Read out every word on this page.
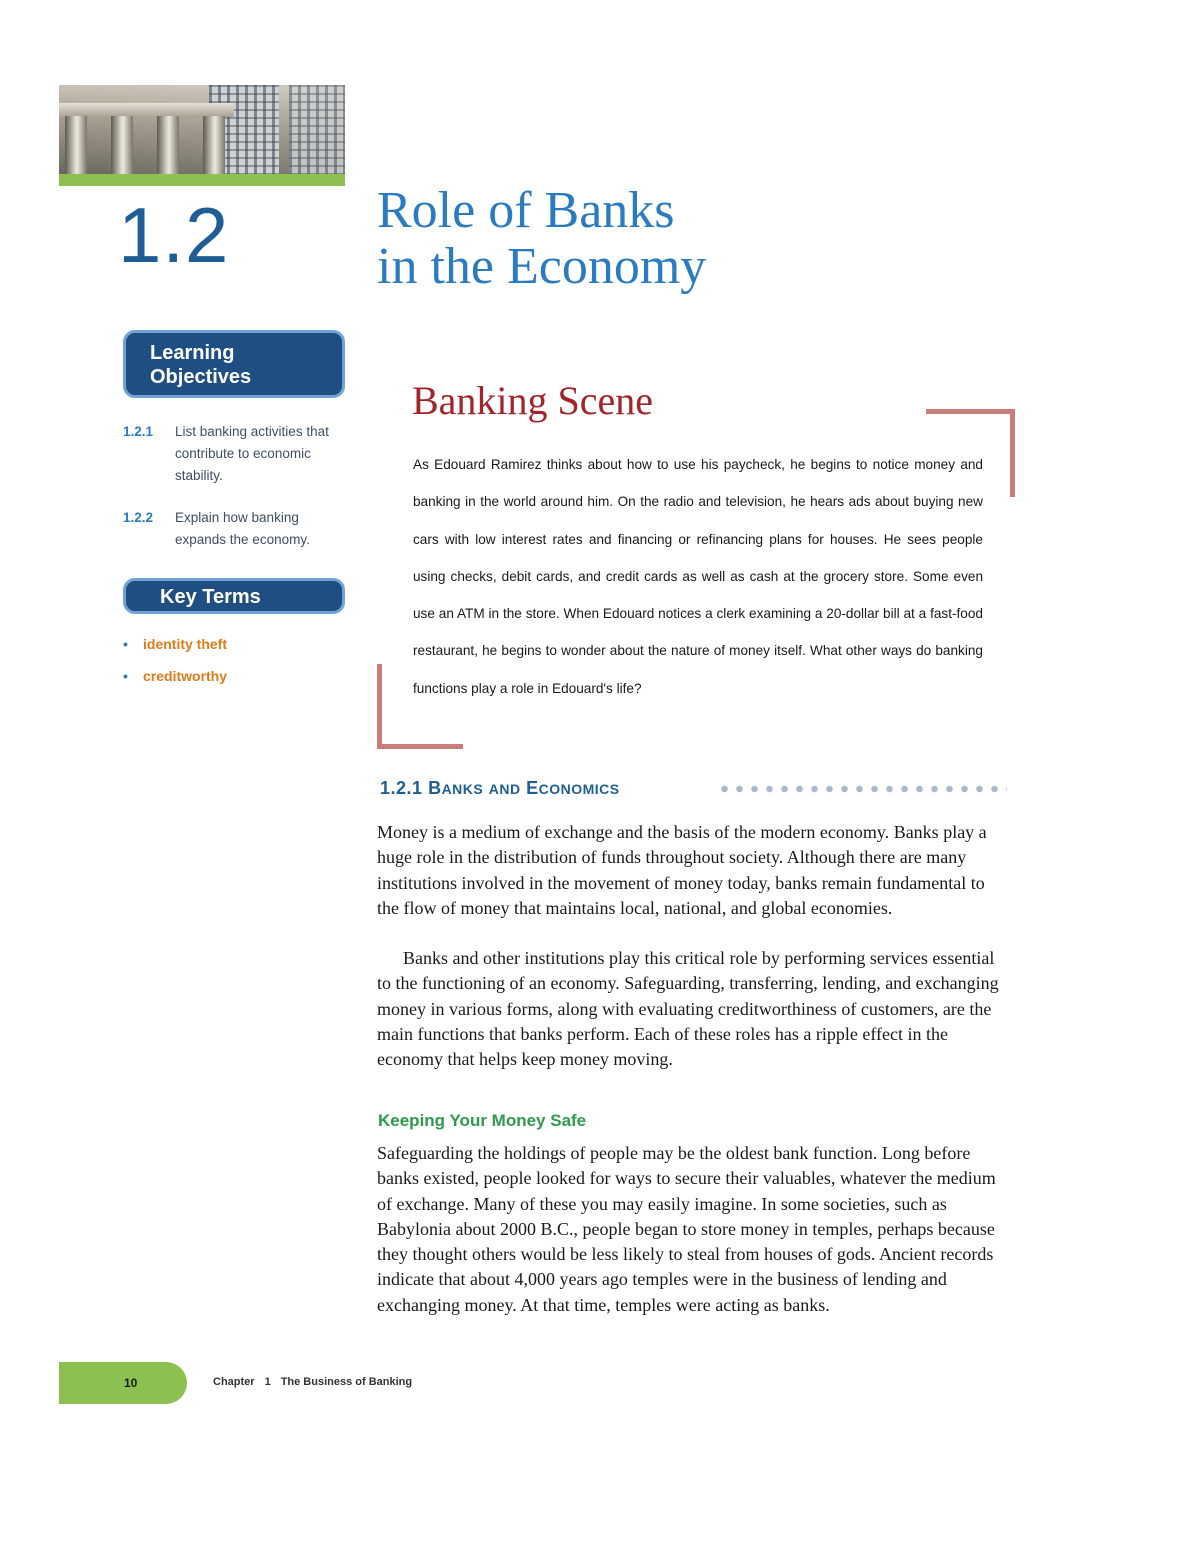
1.2	Role of Banks
in the Economy
Learning
Objectives
1.2.1 List banking activities that contribute to economic stability.
1.2.2 Explain how banking expands the economy.
Key Terms
• identity theft
• creditworthy
Banking Scene
As Edouard Ramirez thinks about how to use his paycheck, he begins to notice money and banking in the world around him. On the radio and television, he hears ads about buying new cars with low interest rates and financing or refinancing plans for houses. He sees people using checks, debit cards, and credit cards as well as cash at the grocery store. Some even use an ATM in the store. When Edouard notices a clerk examining a 20-dollar bill at a fast-food restaurant, he begins to wonder about the nature of money itself. What other ways do banking functions play a role in Edouard's life?
1.2.1 BANKS AND ECONOMICS
Money is a medium of exchange and the basis of the modern economy. Banks play a huge role in the distribution of funds throughout society. Although there are many institutions involved in the movement of money today, banks remain fundamental to the flow of money that maintains local, national, and global economies.
Banks and other institutions play this critical role by performing services essential to the functioning of an economy. Safeguarding, transferring, lending, and exchanging money in various forms, along with evaluating creditworthiness of customers, are the main functions that banks perform. Each of these roles has a ripple effect in the economy that helps keep money moving.
Keeping Your Money Safe
Safeguarding the holdings of people may be the oldest bank function. Long before banks existed, people looked for ways to secure their valuables, whatever the medium of exchange. Many of these you may easily imagine. In some societies, such as Babylonia about 2000 B.C., people began to store money in temples, perhaps because they thought others would be less likely to steal from houses of gods. Ancient records indicate that about 4,000 years ago temples were in the business of lending and exchanging money. At that time, temples were acting as banks.
10	Chapter 1 The Business of Banking
